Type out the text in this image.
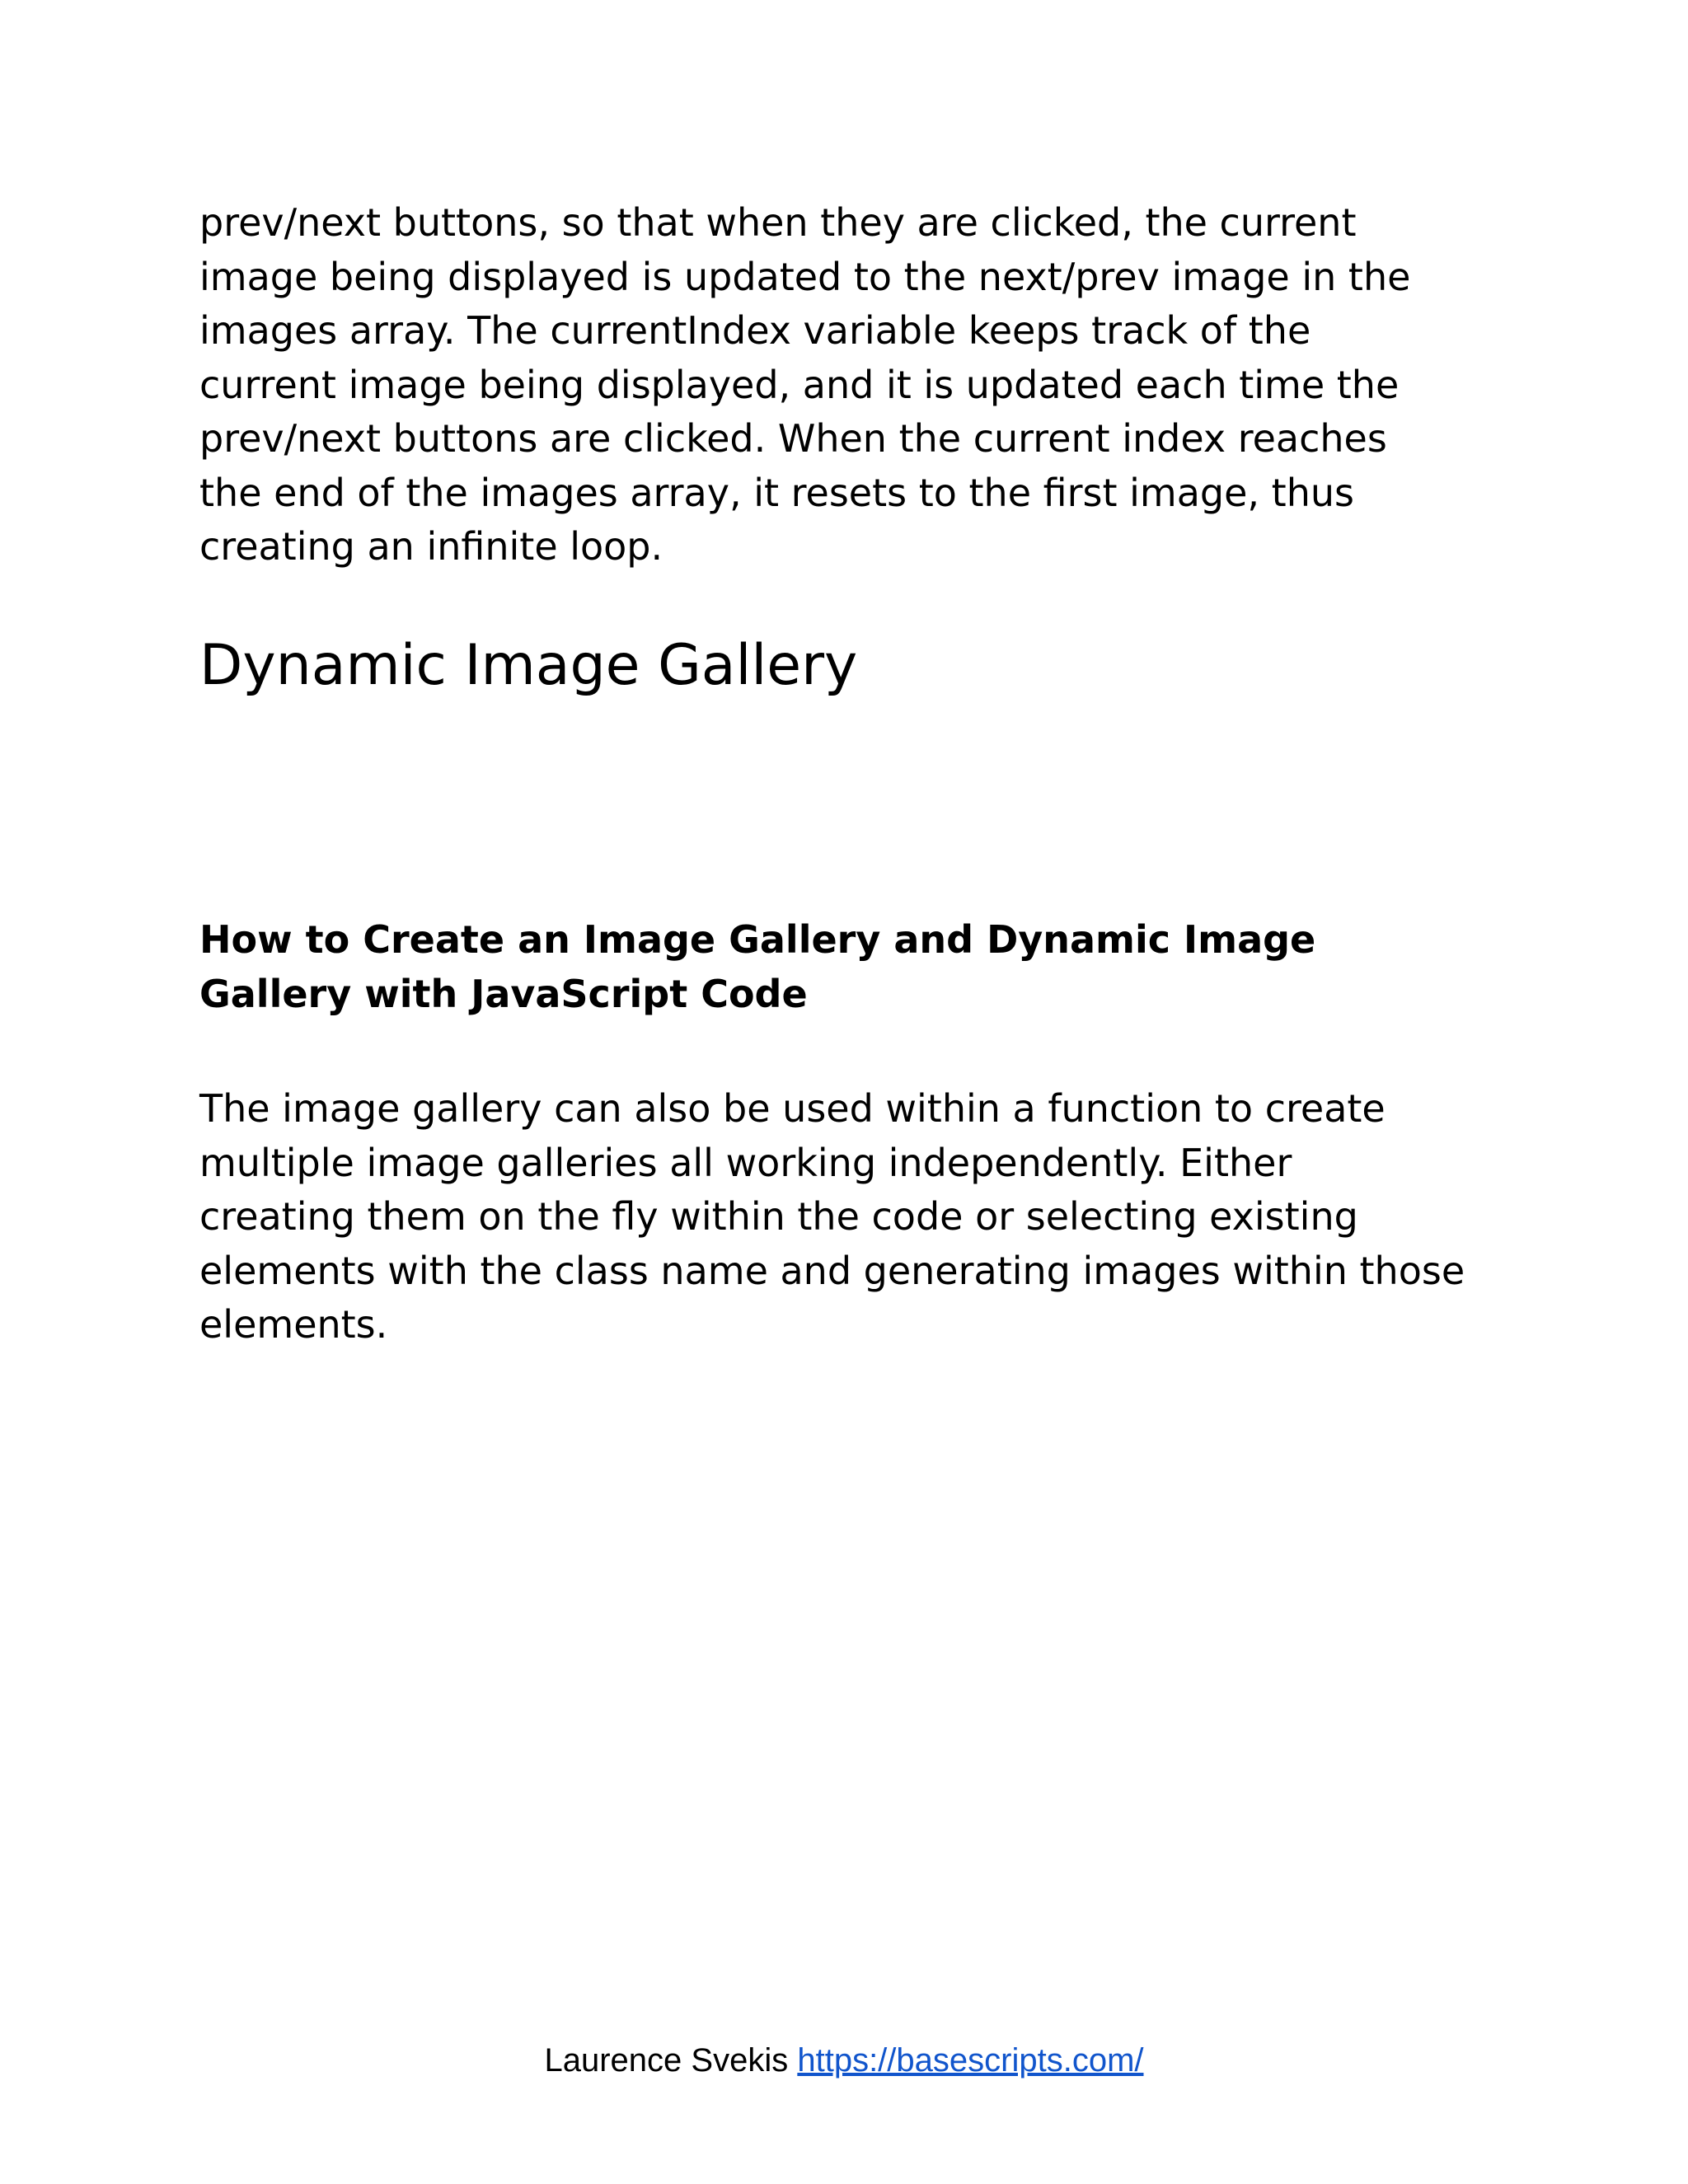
prev/next buttons, so that when they are clicked, the current
image being displayed is updated to the next/prev image in the
images array. The currentIndex variable keeps track of the
current image being displayed, and it is updated each time the
prev/next buttons are clicked. When the current index reaches
the end of the images array, it resets to the first image, thus
creating an infinite loop.

Dynamic Image Gallery
How to Create an Image Gallery and Dynamic Image
Gallery with JavaScript Code

The image gallery can also be used within a function to create
multiple image galleries all working independently. Either
creating them on the fly within the code or selecting existing
elements with the class name and generating images within those
elements.

Laurence Svekis https://basescripts.com/
